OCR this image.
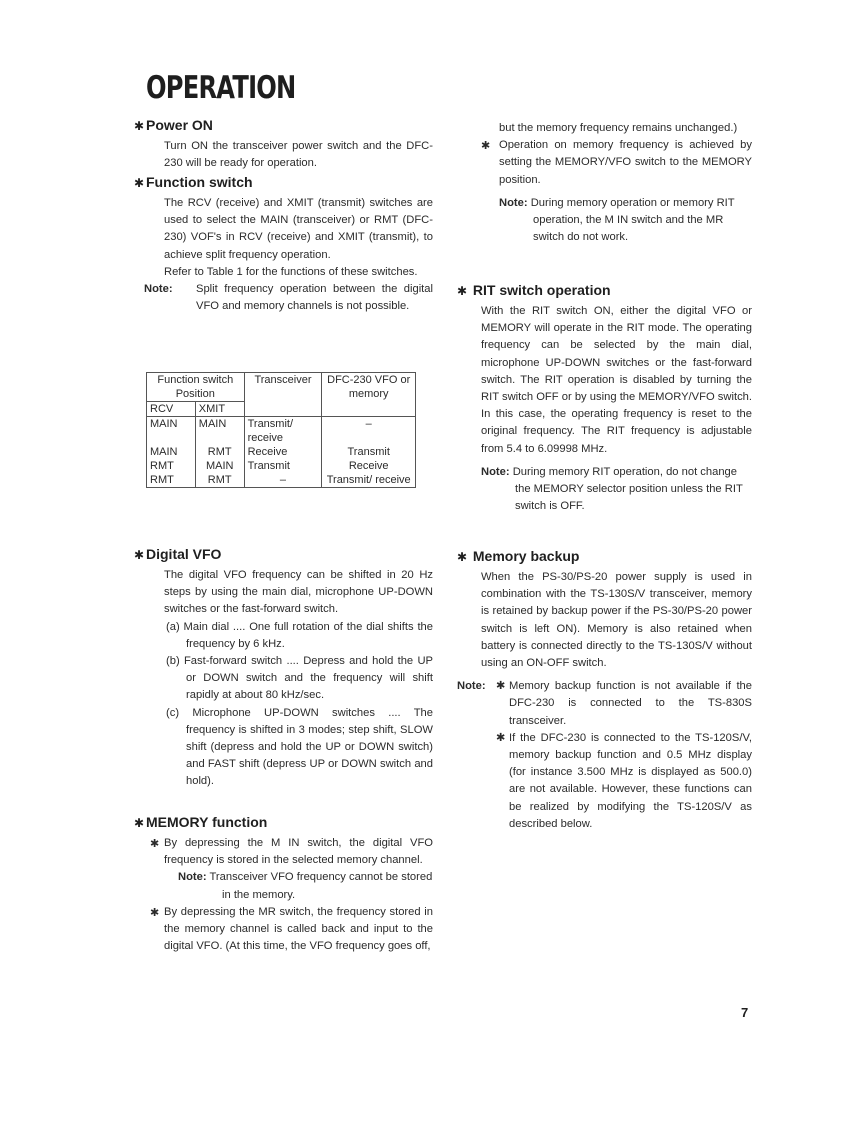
OPERATION
✱ Power ON

Turn ON the transceiver power switch and the DFC-230 will be ready for operation.

✱ Function switch

The RCV (receive) and XMIT (transmit) switches are used to select the MAIN (transceiver) or RMT (DFC-230) VOF's in RCV (receive) and XMIT (transmit), to achieve split frequency operation.

Refer to Table 1 for the functions of these switches.

Note:	Split frequency operation between the digital VFO and memory channels is not possible.

Function switch Position		Transceiver	DFC-230 VFO or memory
RCV	XMIT		
MAIN	MAIN	Transmit/ receive	–
MAIN	RMT	Receive	Transmit
RMT	MAIN	Transmit	Receive
RMT	RMT	–	Transmit/ receive
✱ Digital VFO

The digital VFO frequency can be shifted in 20 Hz steps by using the main dial, microphone UP-DOWN switches or the fast-forward switch.

(a) Main dial .... One full rotation of the dial shifts the frequency by 6 kHz.

(b) Fast-forward switch .... Depress and hold the UP or DOWN switch and the frequency will shift rapidly at about 80 kHz/sec.

(c) Microphone UP-DOWN switches .... The frequency is shifted in 3 modes; step shift, SLOW shift (depress and hold the UP or DOWN switch) and FAST shift (depress UP or DOWN switch and hold).

✱ MEMORY function

✱ By depressing the M IN switch, the digital VFO frequency is stored in the selected memory channel.

Note: Transceiver VFO frequency cannot be stored in the memory.

✱ By depressing the MR switch, the frequency stored in the memory channel is called back and input to the digital VFO. (At this time, the VFO frequency goes off,

but the memory frequency remains unchanged.)

✱ Operation on memory frequency is achieved by setting the MEMORY/VFO switch to the MEMORY position.

Note: During memory operation or memory RIT operation, the M IN switch and the MR switch do not work.

✱ RIT switch operation

With the RIT switch ON, either the digital VFO or MEMORY will operate in the RIT mode. The operating frequency can be selected by the main dial, microphone UP-DOWN switches or the fast-forward switch. The RIT operation is disabled by turning the RIT switch OFF or by using the MEMORY/VFO switch. In this case, the operating frequency is reset to the original frequency. The RIT frequency is adjustable from 5.4 to 6.09998 MHz.

Note: During memory RIT operation, do not change the MEMORY selector position unless the RIT switch is OFF.

✱ Memory backup

When the PS-30/PS-20 power supply is used in combination with the TS-130S/V transceiver, memory is retained by backup power if the PS-30/PS-20 power switch is left ON). Memory is also retained when battery is connected directly to the TS-130S/V without using an ON-OFF switch.

Note: ✱ Memory backup function is not available if the DFC-230 is connected to the TS-830S transceiver.

✱ If the DFC-230 is connected to the TS-120S/V, memory backup function and 0.5 MHz display (for instance 3.500 MHz is displayed as 500.0) are not available. However, these functions can be realized by modifying the TS-120S/V as described below.

7
